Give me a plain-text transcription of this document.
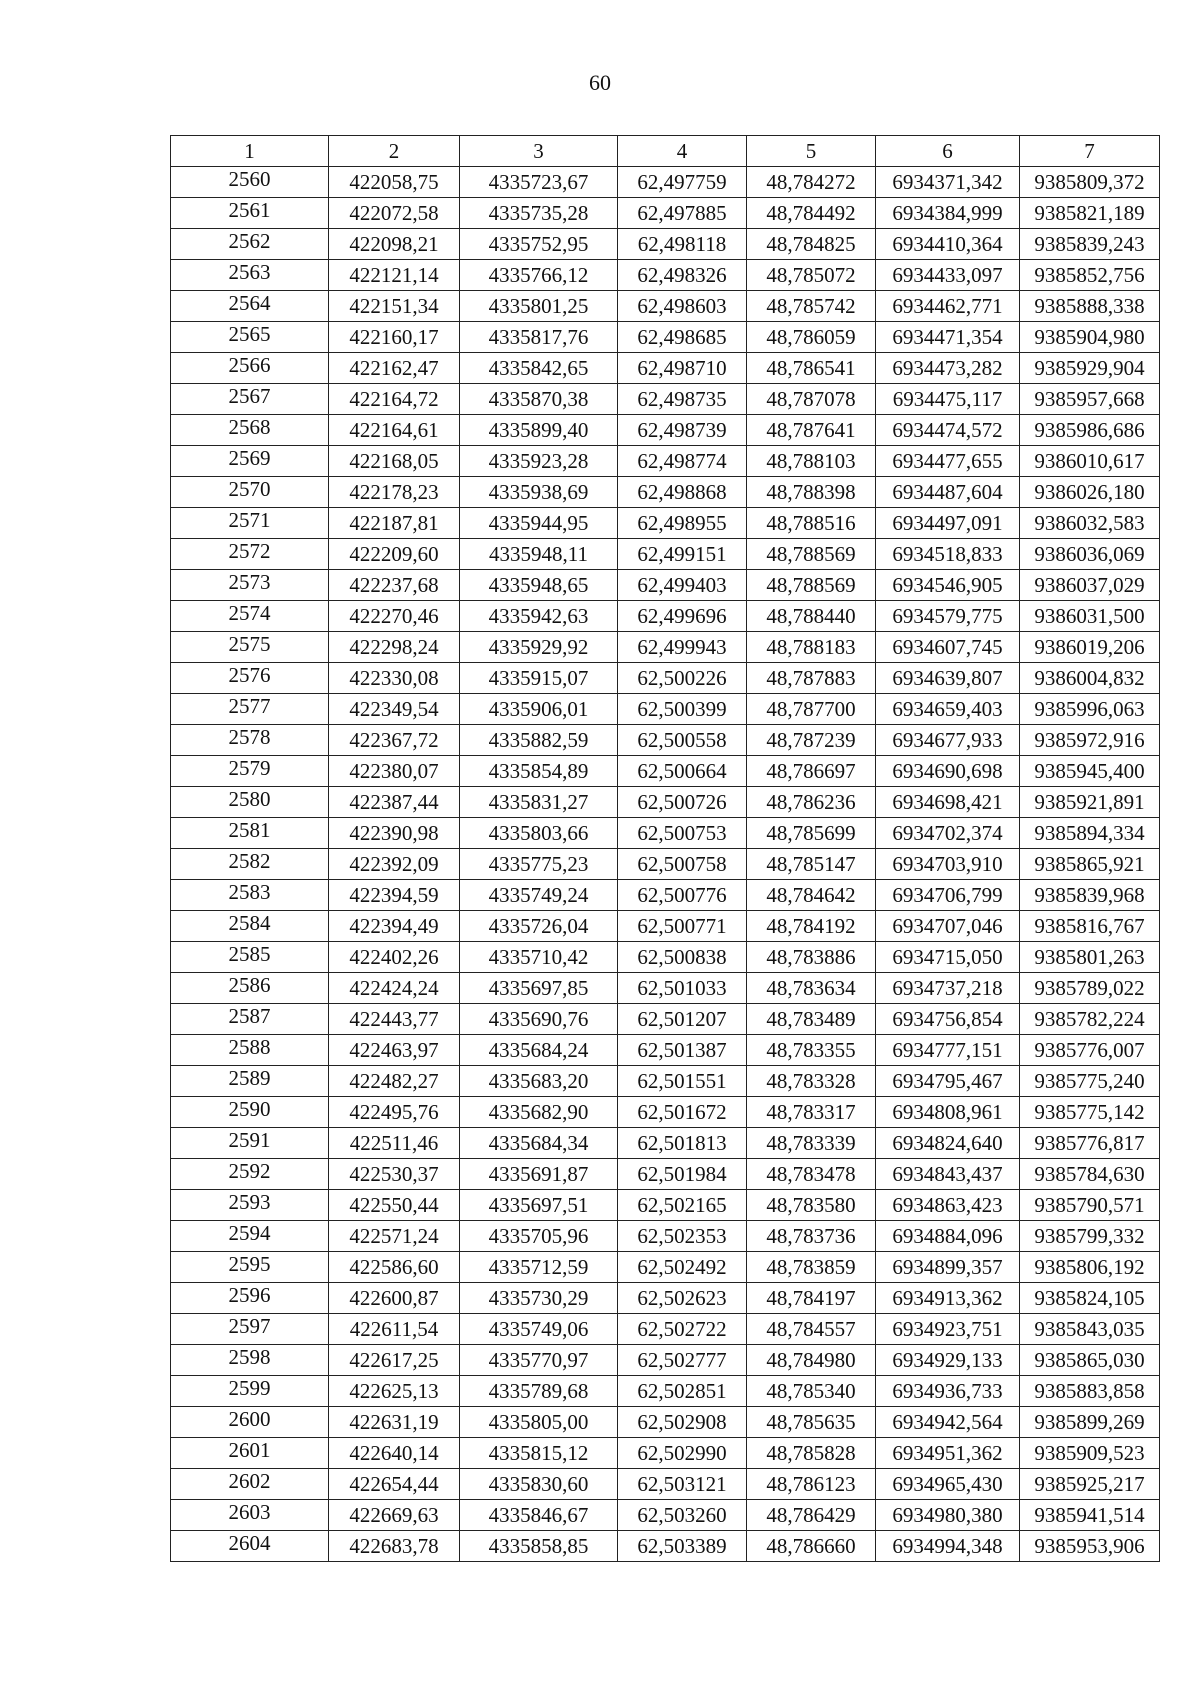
60
1	2	3	4	5	6	7
2560	422058,75	4335723,67	62,497759	48,784272	6934371,342	9385809,372
2561	422072,58	4335735,28	62,497885	48,784492	6934384,999	9385821,189
2562	422098,21	4335752,95	62,498118	48,784825	6934410,364	9385839,243
2563	422121,14	4335766,12	62,498326	48,785072	6934433,097	9385852,756
2564	422151,34	4335801,25	62,498603	48,785742	6934462,771	9385888,338
2565	422160,17	4335817,76	62,498685	48,786059	6934471,354	9385904,980
2566	422162,47	4335842,65	62,498710	48,786541	6934473,282	9385929,904
2567	422164,72	4335870,38	62,498735	48,787078	6934475,117	9385957,668
2568	422164,61	4335899,40	62,498739	48,787641	6934474,572	9385986,686
2569	422168,05	4335923,28	62,498774	48,788103	6934477,655	9386010,617
2570	422178,23	4335938,69	62,498868	48,788398	6934487,604	9386026,180
2571	422187,81	4335944,95	62,498955	48,788516	6934497,091	9386032,583
2572	422209,60	4335948,11	62,499151	48,788569	6934518,833	9386036,069
2573	422237,68	4335948,65	62,499403	48,788569	6934546,905	9386037,029
2574	422270,46	4335942,63	62,499696	48,788440	6934579,775	9386031,500
2575	422298,24	4335929,92	62,499943	48,788183	6934607,745	9386019,206
2576	422330,08	4335915,07	62,500226	48,787883	6934639,807	9386004,832
2577	422349,54	4335906,01	62,500399	48,787700	6934659,403	9385996,063
2578	422367,72	4335882,59	62,500558	48,787239	6934677,933	9385972,916
2579	422380,07	4335854,89	62,500664	48,786697	6934690,698	9385945,400
2580	422387,44	4335831,27	62,500726	48,786236	6934698,421	9385921,891
2581	422390,98	4335803,66	62,500753	48,785699	6934702,374	9385894,334
2582	422392,09	4335775,23	62,500758	48,785147	6934703,910	9385865,921
2583	422394,59	4335749,24	62,500776	48,784642	6934706,799	9385839,968
2584	422394,49	4335726,04	62,500771	48,784192	6934707,046	9385816,767
2585	422402,26	4335710,42	62,500838	48,783886	6934715,050	9385801,263
2586	422424,24	4335697,85	62,501033	48,783634	6934737,218	9385789,022
2587	422443,77	4335690,76	62,501207	48,783489	6934756,854	9385782,224
2588	422463,97	4335684,24	62,501387	48,783355	6934777,151	9385776,007
2589	422482,27	4335683,20	62,501551	48,783328	6934795,467	9385775,240
2590	422495,76	4335682,90	62,501672	48,783317	6934808,961	9385775,142
2591	422511,46	4335684,34	62,501813	48,783339	6934824,640	9385776,817
2592	422530,37	4335691,87	62,501984	48,783478	6934843,437	9385784,630
2593	422550,44	4335697,51	62,502165	48,783580	6934863,423	9385790,571
2594	422571,24	4335705,96	62,502353	48,783736	6934884,096	9385799,332
2595	422586,60	4335712,59	62,502492	48,783859	6934899,357	9385806,192
2596	422600,87	4335730,29	62,502623	48,784197	6934913,362	9385824,105
2597	422611,54	4335749,06	62,502722	48,784557	6934923,751	9385843,035
2598	422617,25	4335770,97	62,502777	48,784980	6934929,133	9385865,030
2599	422625,13	4335789,68	62,502851	48,785340	6934936,733	9385883,858
2600	422631,19	4335805,00	62,502908	48,785635	6934942,564	9385899,269
2601	422640,14	4335815,12	62,502990	48,785828	6934951,362	9385909,523
2602	422654,44	4335830,60	62,503121	48,786123	6934965,430	9385925,217
2603	422669,63	4335846,67	62,503260	48,786429	6934980,380	9385941,514
2604	422683,78	4335858,85	62,503389	48,786660	6934994,348	9385953,906
